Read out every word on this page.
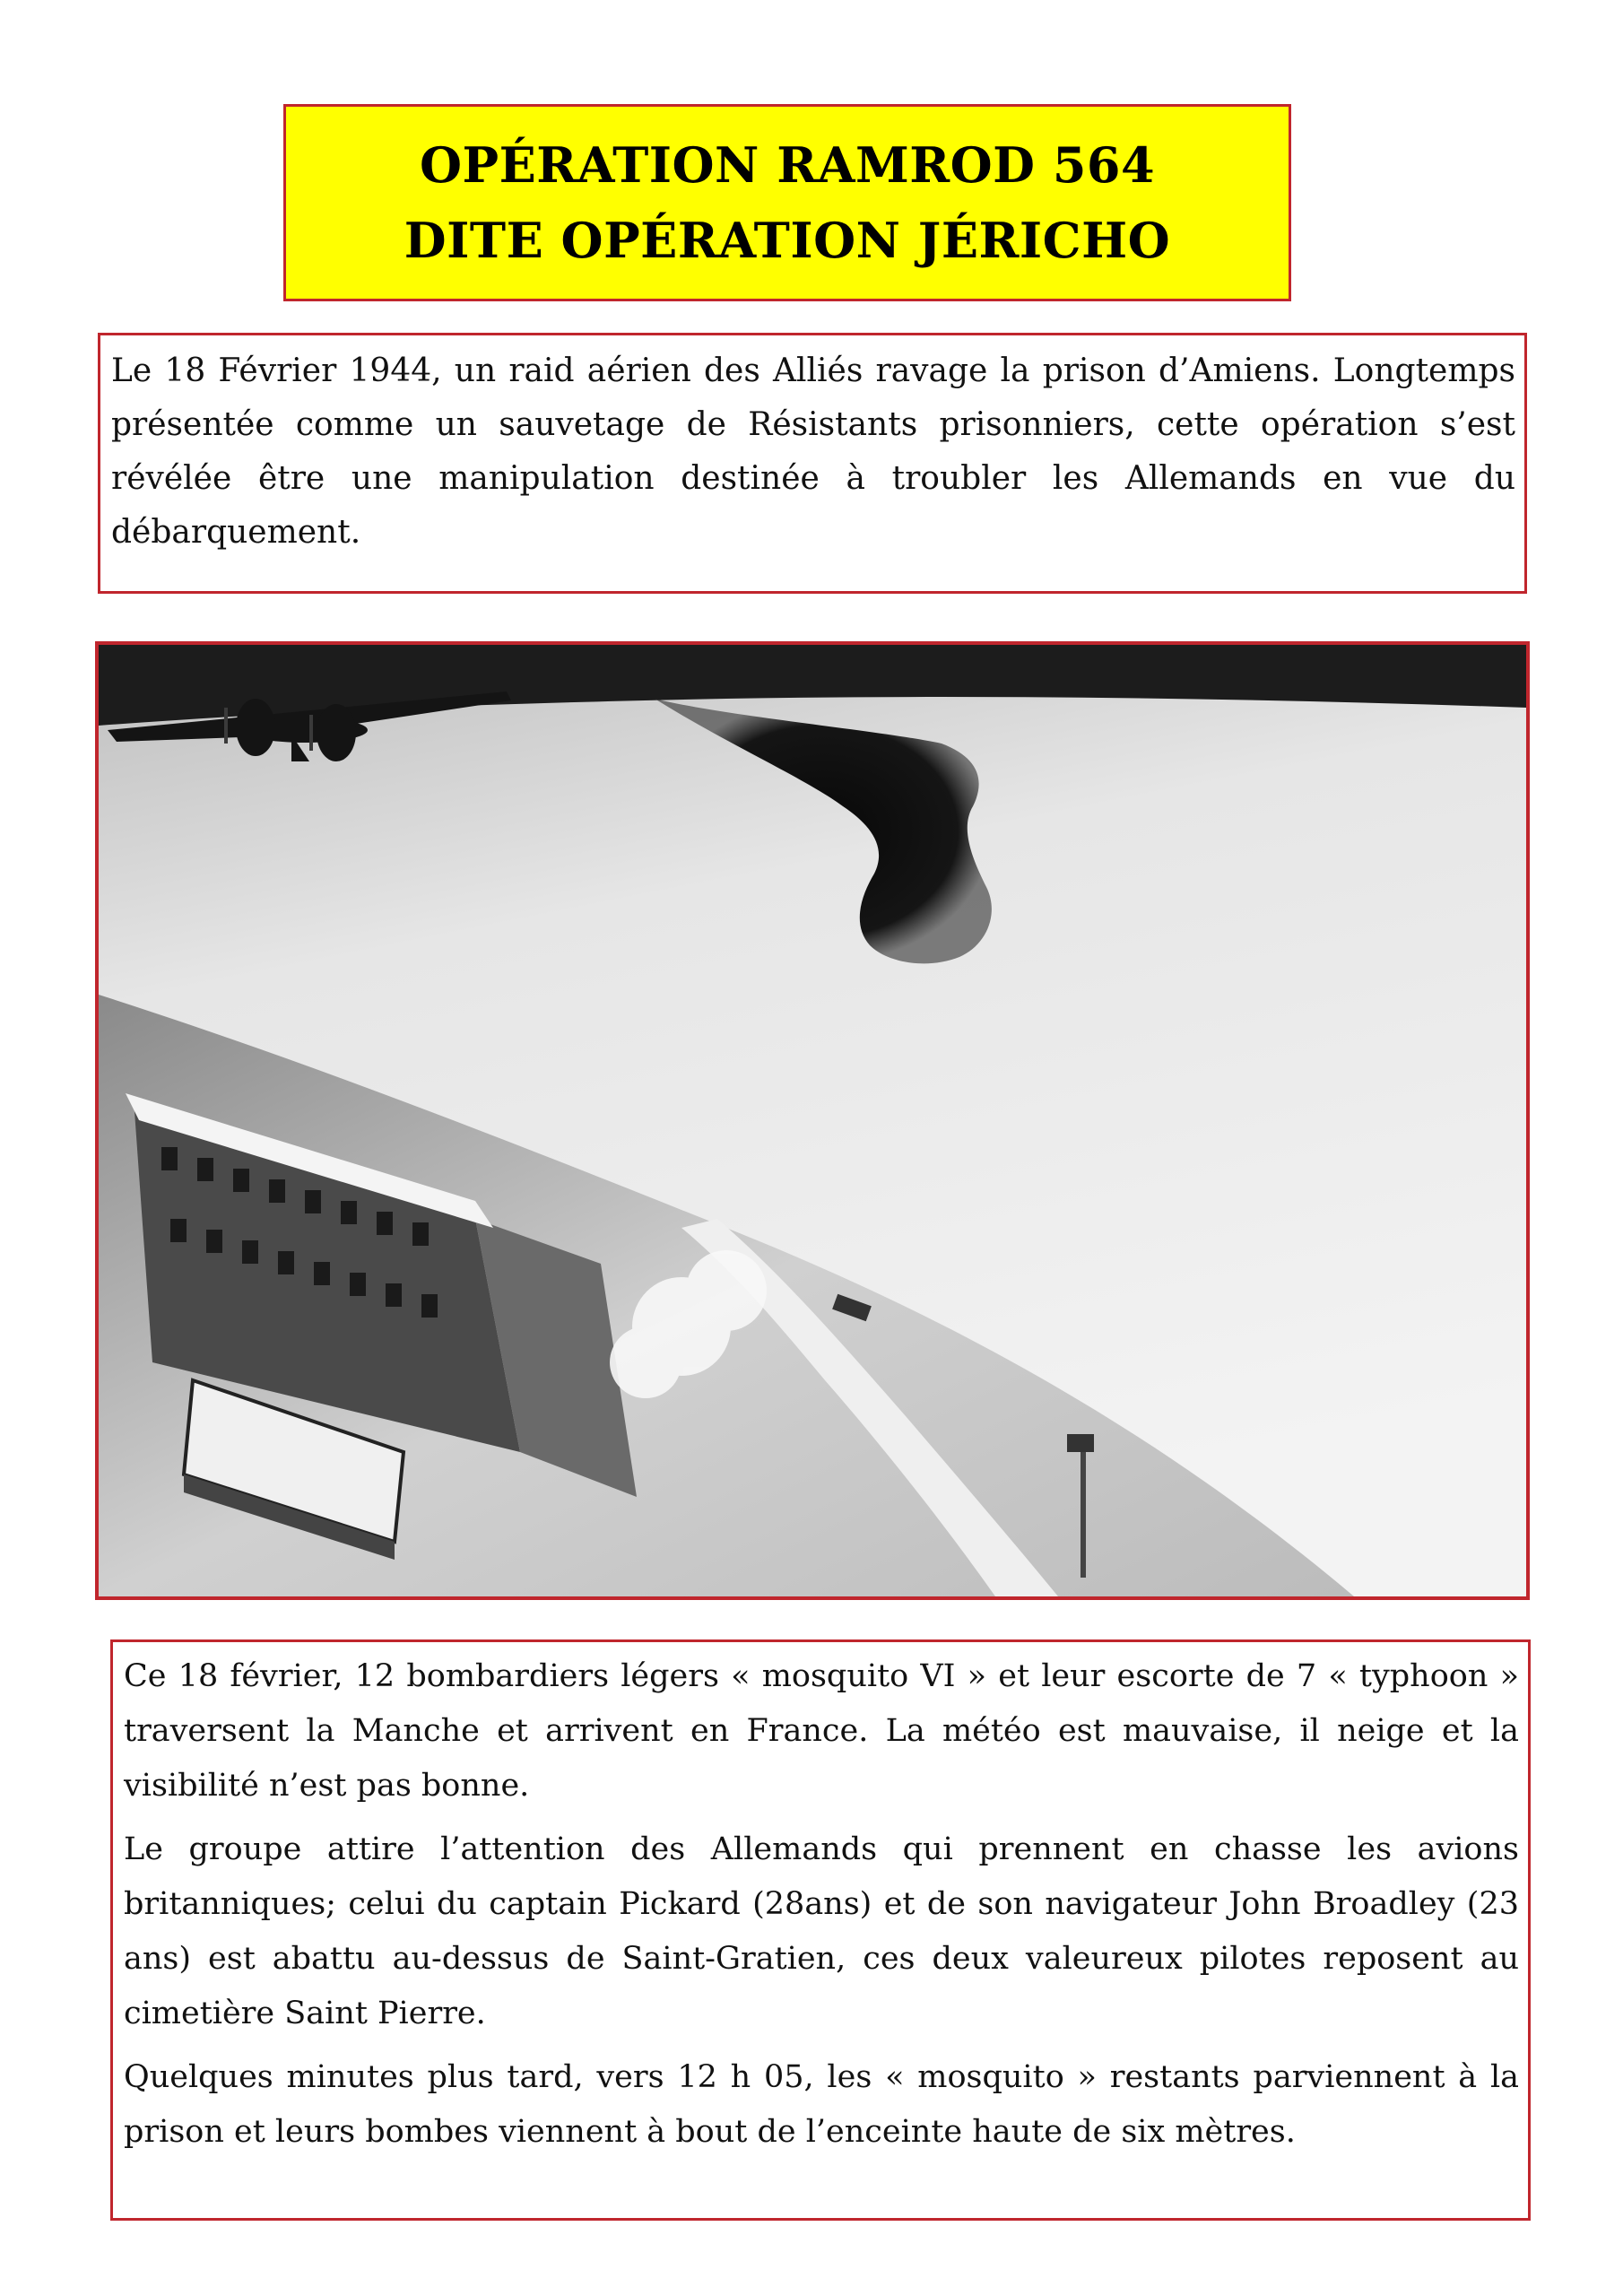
OPÉRATION RAMROD 564
DITE OPÉRATION JÉRICHO

Le 18 Février 1944, un raid aérien des Alliés ravage la prison d’Amiens. Longtemps présentée comme un sauvetage de Résistants prisonniers, cette opération s’est révélée être une manipulation destinée à troubler les Allemands en vue du débarquement.

Ce 18 février, 12 bombardiers légers « mosquito VI » et leur escorte de 7 « typhoon » traversent la Manche et arrivent en France. La météo est mauvaise, il neige et la visibilité n’est pas bonne.

Le groupe attire l’attention des Allemands qui prennent en chasse les avions britanniques; celui du captain Pickard (28ans) et de son navigateur John Broadley (23 ans) est abattu au-dessus de Saint-Gratien, ces deux valeureux pilotes reposent au cimetière Saint Pierre.

Quelques minutes plus tard, vers 12 h 05, les « mosquito » restants parviennent à la prison et leurs bombes viennent à bout de l’enceinte haute de six mètres.
